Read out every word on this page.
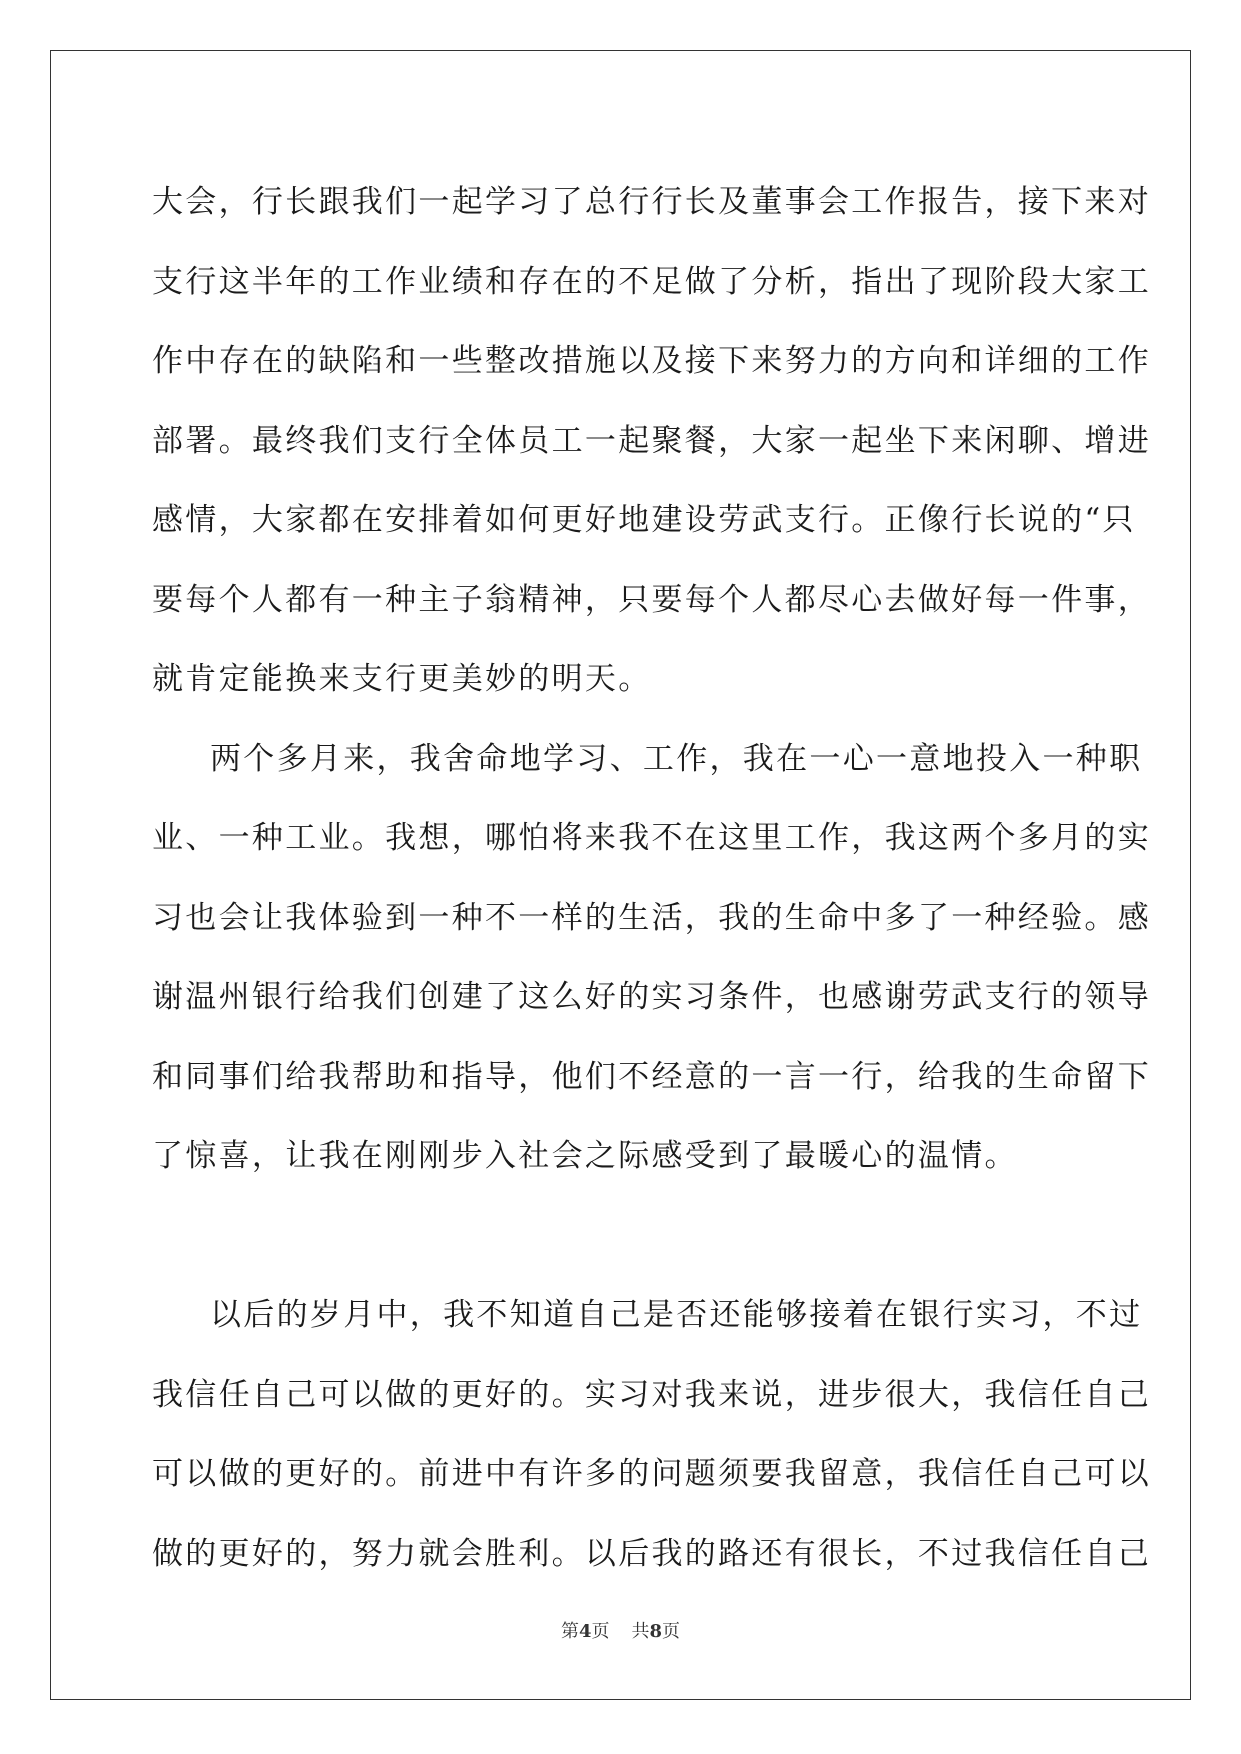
大会，行长跟我们一起学习了总行行长及董事会工作报告，接下来对
支行这半年的工作业绩和存在的不足做了分析，指出了现阶段大家工
作中存在的缺陷和一些整改措施以及接下来努力的方向和详细的工作
部署。最终我们支行全体员工一起聚餐，大家一起坐下来闲聊、增进
感情，大家都在安排着如何更好地建设劳武支行。正像行长说的“只
要每个人都有一种主子翁精神，只要每个人都尽心去做好每一件事，
就肯定能换来支行更美妙的明天。

两个多月来，我舍命地学习、工作，我在一心一意地投入一种职
业、一种工业。我想，哪怕将来我不在这里工作，我这两个多月的实
习也会让我体验到一种不一样的生活，我的生命中多了一种经验。感
谢温州银行给我们创建了这么好的实习条件，也感谢劳武支行的领导
和同事们给我帮助和指导，他们不经意的一言一行，给我的生命留下
了惊喜，让我在刚刚步入社会之际感受到了最暖心的温情。

以后的岁月中，我不知道自己是否还能够接着在银行实习，不过
我信任自己可以做的更好的。实习对我来说，进步很大，我信任自己
可以做的更好的。前进中有许多的问题须要我留意，我信任自己可以
做的更好的，努力就会胜利。以后我的路还有很长，不过我信任自己

第4页 共8页
